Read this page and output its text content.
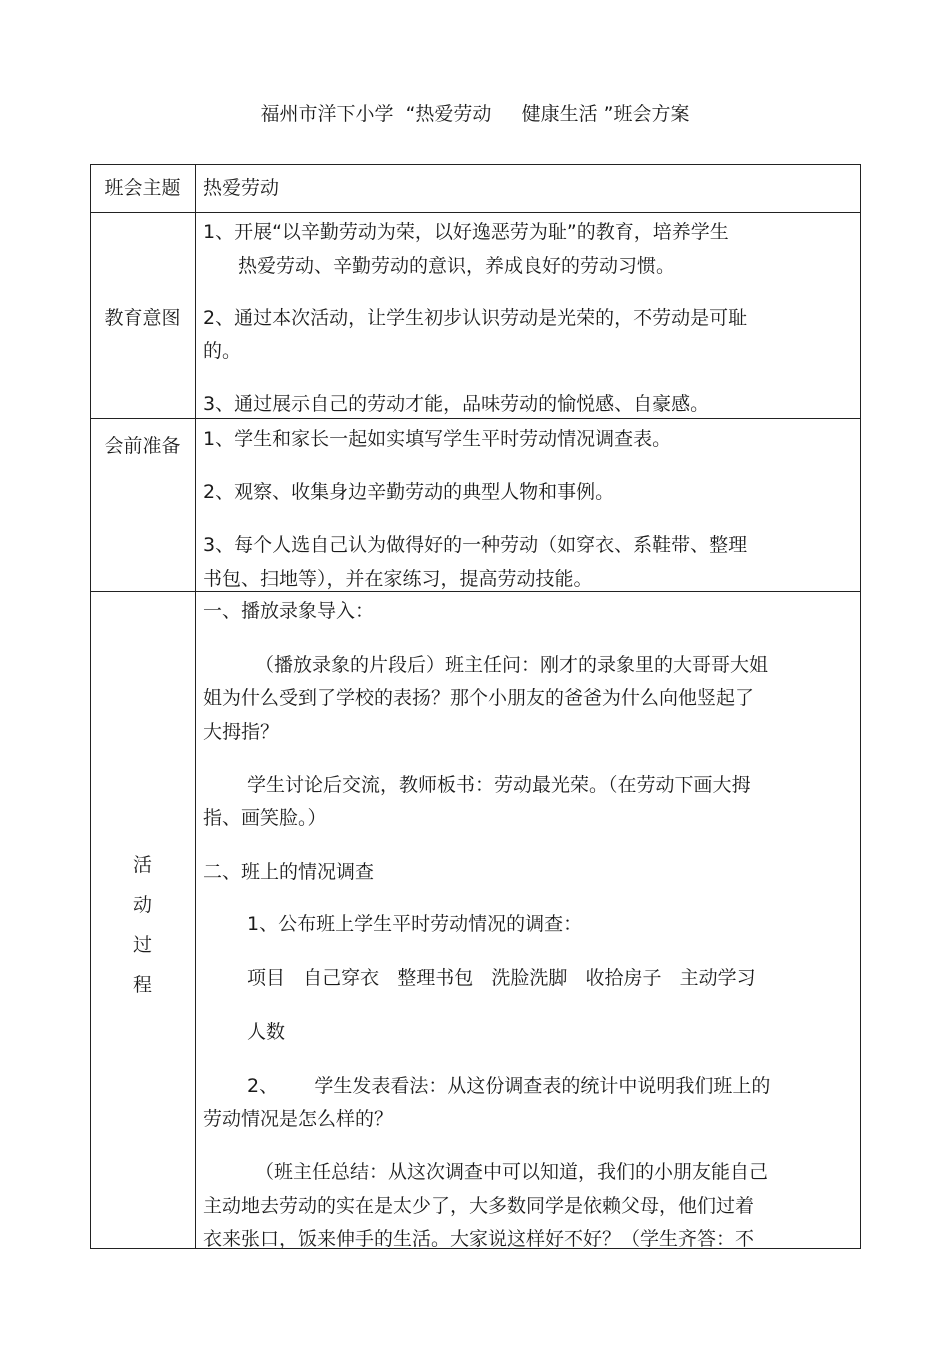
福州市洋下小学  “热爱劳动     健康生活 ”班会方案
班会主题	热爱劳动
教育意图
1、开展“以辛勤劳动为荣，以好逸恶劳为耻”的教育，培养学生
热爱劳动、辛勤劳动的意识，养成良好的劳动习惯。
2、通过本次活动，让学生初步认识劳动是光荣的，不劳动是可耻
的。
3、通过展示自己的劳动才能，品味劳动的愉悦感、自豪感。
会前准备	1、学生和家长一起如实填写学生平时劳动情况调查表。
2、观察、收集身边辛勤劳动的典型人物和事例。
3、每个人选自己认为做得好的一种劳动（如穿衣、系鞋带、整理
书包、扫地等），并在家练习，提高劳动技能。
活
动
过
程
一、播放录象导入：
（播放录象的片段后）班主任问：刚才的录象里的大哥哥大姐
姐为什么受到了学校的表扬？那个小朋友的爸爸为什么向他竖起了
大拇指？
学生讨论后交流，教师板书：劳动最光荣。（在劳动下画大拇
指、画笑脸。）
二、班上的情况调查
1、公布班上学生平时劳动情况的调查：
项目   自己穿衣   整理书包   洗脸洗脚   收拾房子   主动学习
人数
2、      学生发表看法：从这份调查表的统计中说明我们班上的
劳动情况是怎么样的？
（班主任总结：从这次调查中可以知道，我们的小朋友能自己
主动地去劳动的实在是太少了，大多数同学是依赖父母，他们过着
衣来张口，饭来伸手的生活。大家说这样好不好？（学生齐答：不
